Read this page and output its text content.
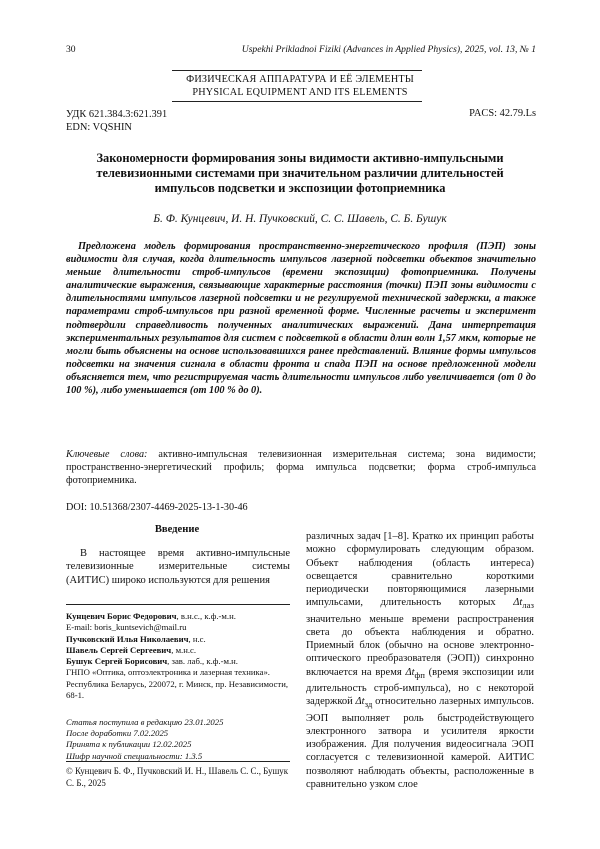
30	Uspekhi Prikladnoi Fiziki (Advances in Applied Physics), 2025, vol. 13, № 1
ФИЗИЧЕСКАЯ АППАРАТУРА И ЕЁ ЭЛЕМЕНТЫ
PHYSICAL EQUIPMENT AND ITS ELEMENTS
УДК 621.384.3:621.391
EDN: VQSHIN
PACS: 42.79.Ls
Закономерности формирования зоны видимости активно-импульсными телевизионными системами при значительном различии длительностей импульсов подсветки и экспозиции фотоприемника
Б. Ф. Кунцевич, И. Н. Пучковский, С. С. Шавель, С. Б. Бушук

Предложена модель формирования пространственно-энергетического профиля (ПЭП) зоны видимости для случая, когда длительность импульсов лазерной подсветки объектов значительно меньше длительности строб-импульсов (времени экспозиции) фотоприемника. Получены аналитические выражения, связывающие характерные расстояния (точки) ПЭП зоны видимости с длительностями импульсов лазерной подсветки и не регулируемой технической задержки, а также параметрами строб-импульсов при разной временной форме. Численные расчеты и эксперимент подтвердили справедливость полученных аналитических выражений. Дана интерпретация экспериментальных результатов для систем с подсветкой в области длин волн 1,57 мкм, которые не могли быть объяснены на основе использовавшихся ранее представлений. Влияние формы импульсов подсветки на значения сигнала в области фронта и спада ПЭП на основе предложенной модели объясняется тем, что регистрируемая часть длительности импульсов либо увеличивается (от 0 до 100 %), либо уменьшается (от 100 % до 0).

Ключевые слова: активно-импульсная телевизионная измерительная система; зона видимости; пространственно-энергетический профиль; форма импульса подсветки; форма строб-импульса фотоприемника.
DOI: 10.51368/2307-4469-2025-13-1-30-46
Введение

В настоящее время активно-импульсные телевизионные измерительные системы (АИТИС) широко используются для решения

Кунцевич Борис Федорович, в.н.с., к.ф.-м.н.
E-mail: boris_kuntsevich@mail.ru
Пучковский Илья Николаевич, н.с.
Шавель Сергей Сергеевич, м.н.с.
Бушук Сергей Борисович, зав. лаб., к.ф.-м.н.
ГНПО «Оптика, оптоэлектроника и лазерная техника».
Республика Беларусь, 220072, г. Минск, пр. Независимости, 68-1.
Статья поступила в редакцию 23.01.2025
После доработки 7.02.2025
Принята к публикации 12.02.2025
Шифр научной специальности: 1.3.5
© Кунцевич Б. Ф., Пучковский И. Н., Шавель С. С., Бушук С. Б., 2025

различных задач [1–8]. Кратко их принцип работы можно сформулировать следующим образом. Объект наблюдения (область интереса) освещается сравнительно короткими периодически повторяющимися лазерными импульсами, длительность которых $\Delta t_{лаз}$ значительно меньше времени распространения света до объекта наблюдения и обратно. Приемный блок (обычно на основе электронно-оптического преобразователя (ЭОП)) синхронно включается на время $\Delta t_{фп}$ (время экспозиции или длительность строб-импульса), но с некоторой задержкой $\Delta t_{зд}$ относительно лазерных импульсов. ЭОП выполняет роль быстродействующего электронного затвора и усилителя яркости изображения. Для получения видеосигнала ЭОП согласуется с телевизионной камерой. АИТИС позволяют наблюдать объекты, расположенные в сравнительно узком слое
